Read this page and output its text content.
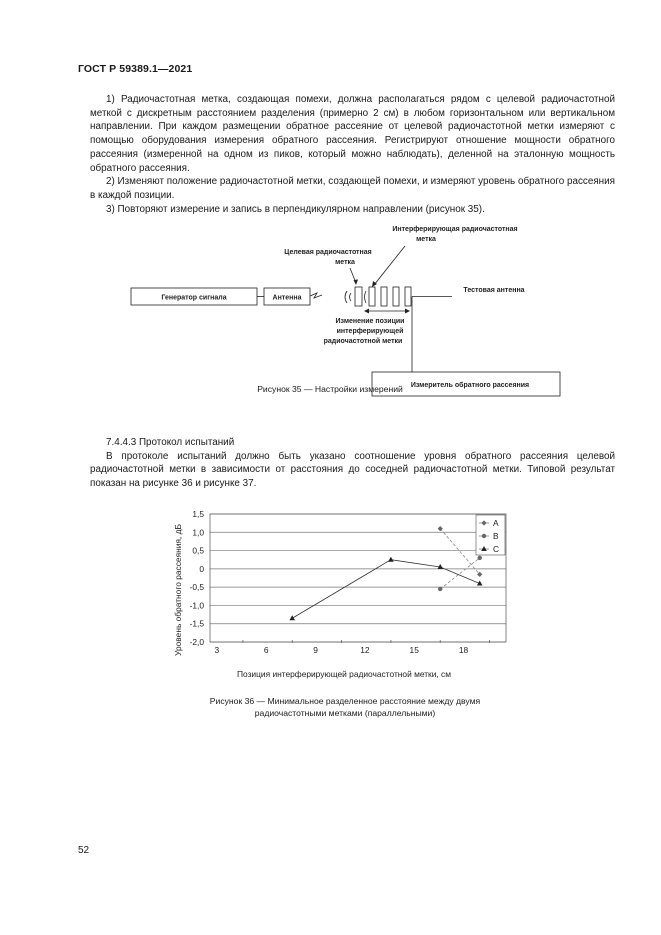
ГОСТ Р 59389.1—2021

1) Радиочастотная метка, создающая помехи, должна располагаться рядом с целевой радиочастотной меткой с дискретным расстоянием разделения (примерно 2 см) в любом горизонтальном или вертикальном направлении. При каждом размещении обратное рассеяние от целевой радиочастотной метки измеряют с помощью оборудования измерения обратного рассеяния. Регистрируют отношение мощности обратного рассеяния (измеренной на одном из пиков, который можно наблюдать), деленной на эталонную мощность обратного рассеяния.

2) Изменяют положение радиочастотной метки, создающей помехи, и измеряют уровень обратного рассеяния в каждой позиции.

3) Повторяют измерение и запись в перпендикулярном направлении (рисунок 35).

Интерферирующая радиочастотная
метка
Целевая радиочастотная
метка
Тестовая антенна
Изменение позиции
интерферирующей
радиочастотной метки
Генератор сигнала	Антенна
Измеритель обратного рассеяния
Рисунок 35 — Настройки измерений

7.4.4.3 Протокол испытаний

В протоколе испытаний должно быть указано соотношение уровня обратного рассеяния целевой радиочастотной метки в зависимости от расстояния до соседней радиочастотной метки. Типовой результат показан на рисунке 36 и рисунке 37.

1,5
1,0
0,5
0
-0,5
-1,0
-1,5
-2,0
3	6	9	12	15	18
A
B
C
Уровень обратного рассеяния, дБ
Позиция интерферирующей радиочастотной метки, см
Рисунок 36 — Минимальное разделенное расстояние между двумя
радиочастотными метками (параллельными)
52
